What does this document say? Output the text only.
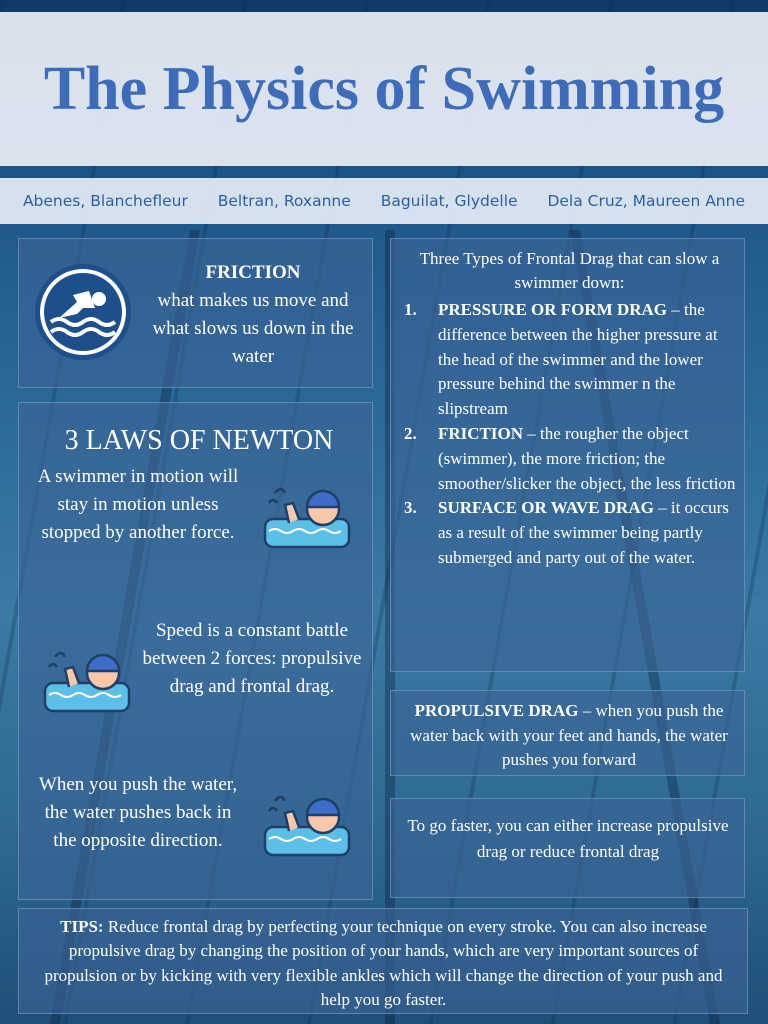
The Physics of Swimming
Abenes, Blanchefleur Beltran, Roxanne Baguilat, Glydelle Dela Cruz, Maureen Anne
FRICTION
what makes us move and what slows us down in the water
3 LAWS OF NEWTON
A swimmer in motion will stay in motion unless stopped by another force.
Speed is a constant battle between 2 forces: propulsive drag and frontal drag.
When you push the water, the water pushes back in the opposite direction.
Three Types of Frontal Drag that can slow a swimmer down:
1. PRESSURE OR FORM DRAG – the difference between the higher pressure at the head of the swimmer and the lower pressure behind the swimmer n the slipstream
2. FRICTION – the rougher the object (swimmer), the more friction; the smoother/slicker the object, the less friction
3. SURFACE OR WAVE DRAG – it occurs as a result of the swimmer being partly submerged and party out of the water.
PROPULSIVE DRAG – when you push the water back with your feet and hands, the water pushes you forward
To go faster, you can either increase propulsive drag or reduce frontal drag
TIPS: Reduce frontal drag by perfecting your technique on every stroke. You can also increase propulsive drag by changing the position of your hands, which are very important sources of propulsion or by kicking with very flexible ankles which will change the direction of your push and help you go faster.
